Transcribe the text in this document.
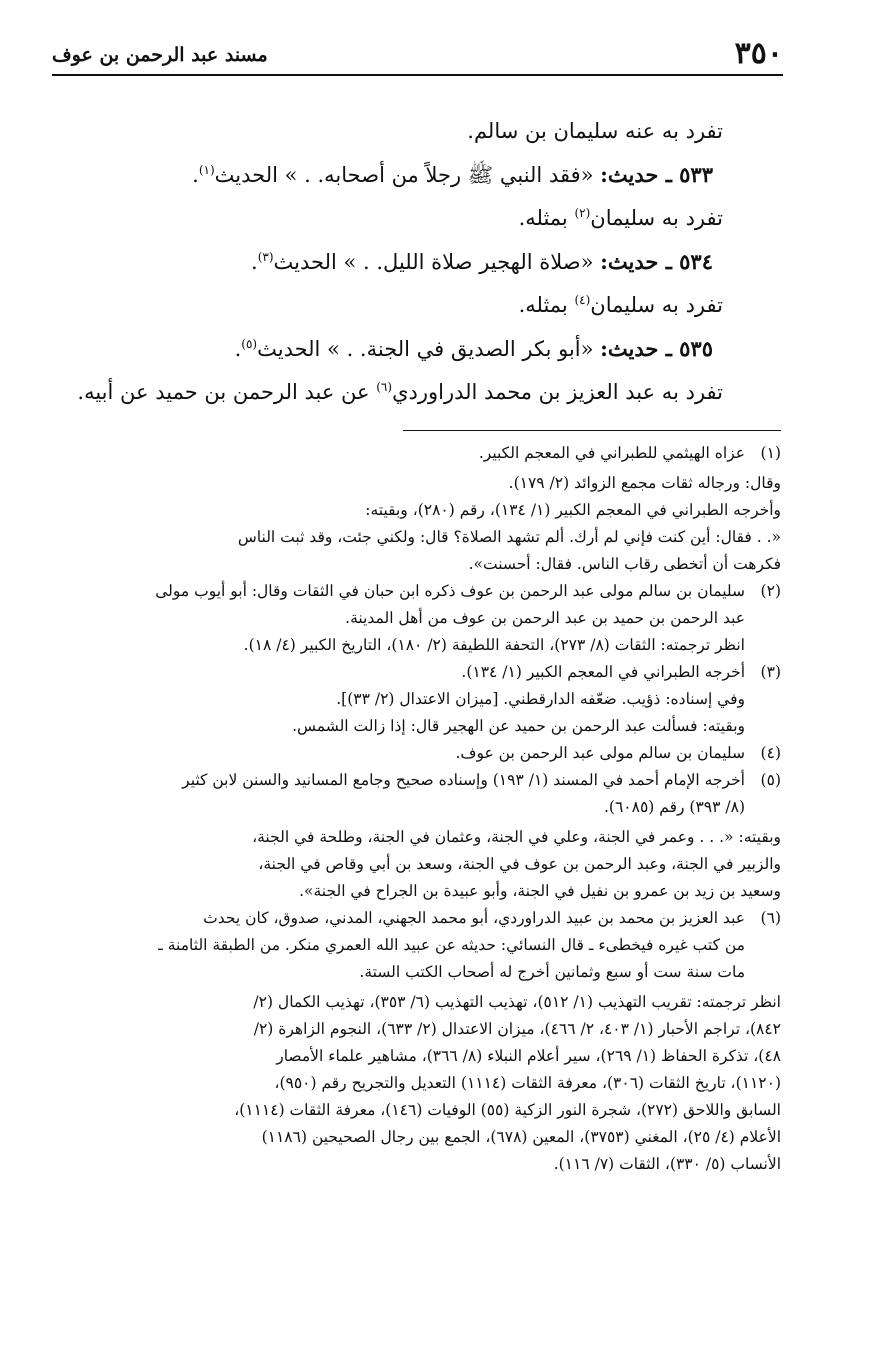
٣٥٠
مسند عبد الرحمن بن عوف

تفرد به عنه سليمان بن سالم.

٥٣٣ ـ حديث: «فقد النبي ﷺ رجلاً من أصحابه. . » الحديث$^{(١)}$.

تفرد به سليمان$^{(٢)}$ بمثله.

٥٣٤ ـ حديث: «صلاة الهجير صلاة الليل. . » الحديث$^{(٣)}$.

تفرد به سليمان$^{(٤)}$ بمثله.

٥٣٥ ـ حديث: «أبو بكر الصديق في الجنة. . » الحديث$^{(٥)}$.

تفرد به عبد العزيز بن محمد الدراوردي$^{(٦)}$ عن عبد الرحمن بن حميد عن أبيه.

(١)
عزاه الهيثمي للطبراني في المعجم الكبير.
وقال: ورجاله ثقات مجمع الزوائد (٢/ ١٧٩).
وأخرجه الطبراني في المعجم الكبير (١/ ١٣٤)، رقم (٢٨٠)، وبقيته:
«. . فقال: أين كنت فإني لم أرك. ألم تشهد الصلاة؟ قال: ولكني جئت، وقد ثبت الناس
فكرهت أن أتخطى رقاب الناس. فقال: أحسنت».
(٢)
سليمان بن سالم مولى عبد الرحمن بن عوف ذكره ابن حبان في الثقات وقال: أبو أيوب مولى
عبد الرحمن بن حميد بن عبد الرحمن بن عوف من أهل المدينة.
انظر ترجمته: الثقات (٨/ ٢٧٣)، التحفة اللطيفة (٢/ ١٨٠)، التاريخ الكبير (٤/ ١٨).
(٣)
أخرجه الطبراني في المعجم الكبير (١/ ١٣٤).
وفي إسناده: ذؤيب. ضعّفه الدارقطني. [ميزان الاعتدال (٢/ ٣٣)].
وبقيته: فسألت عبد الرحمن بن حميد عن الهجير قال: إذا زالت الشمس.
(٤)
سليمان بن سالم مولى عبد الرحمن بن عوف.
(٥)
أخرجه الإمام أحمد في المسند (١/ ١٩٣) وإسناده صحيح وجامع المسانيد والسنن لابن كثير
(٨/ ٣٩٣) رقم (٦٠٨٥).
وبقيته: «. . . وعمر في الجنة، وعلي في الجنة، وعثمان في الجنة، وطلحة في الجنة،
والزبير في الجنة، وعبد الرحمن بن عوف في الجنة، وسعد بن أبي وقاص في الجنة،
وسعيد بن زيد بن عمرو بن نفيل في الجنة، وأبو عبيدة بن الجراح في الجنة».
(٦)
عبد العزيز بن محمد بن عبيد الدراوردي، أبو محمد الجهني، المدني، صدوق، كان يحدث
من كتب غيره فيخطىء ـ قال النسائي: حديثه عن عبيد الله العمري منكر. من الطبقة الثامنة ـ
مات سنة ست أو سبع وثمانين أخرج له أصحاب الكتب الستة.
انظر ترجمته: تقريب التهذيب (١/ ٥١٢)، تهذيب التهذيب (٦/ ٣٥٣)، تهذيب الكمال (٢/
٨٤٢)، تراجم الأحبار (١/ ٤٠٣، ٢/ ٤٦٦)، ميزان الاعتدال (٢/ ٦٣٣)، النجوم الزاهرة (٢/
٤٨)، تذكرة الحفاظ (١/ ٢٦٩)، سير أعلام النبلاء (٨/ ٣٦٦)، مشاهير علماء الأمصار
(١١٢٠)، تاريخ الثقات (٣٠٦)، معرفة الثقات (١١١٤) التعديل والتجريح رقم (٩٥٠)،
السابق واللاحق (٢٧٢)، شجرة النور الزكية (٥٥) الوفيات (١٤٦)، معرفة الثقات (١١١٤)،
الأعلام (٤/ ٢٥)، المغني (٣٧٥٣)، المعين (٦٧٨)، الجمع بين رجال الصحيحين (١١٨٦)
الأنساب (٥/ ٣٣٠)، الثقات (٧/ ١١٦).
